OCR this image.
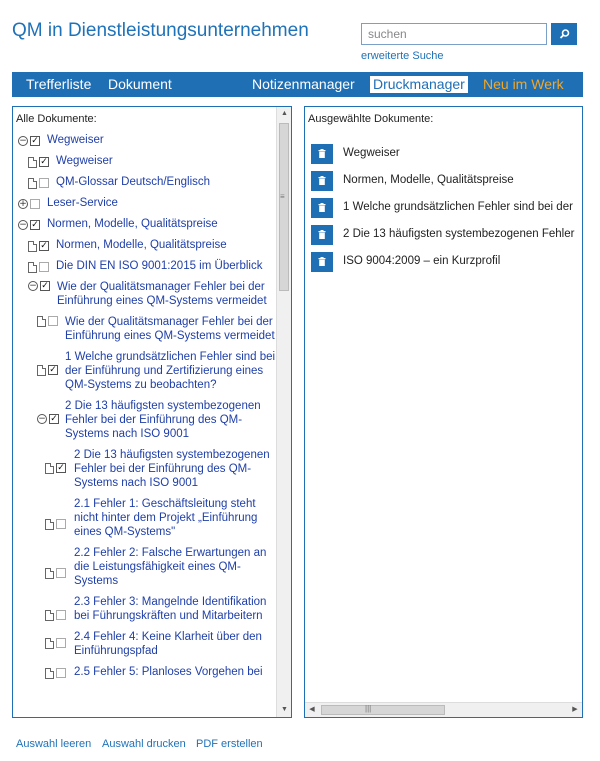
QM in Dienstleistungsunternehmen
suchen
erweiterte Suche
Trefferliste Dokument	Notizenmanager Druckmanager Neu im Werk
Alle Dokumente:
− ✓ Wegweiser
✓ Wegweiser
QM-Glossar Deutsch/Englisch
+ Leser-Service
− ✓ Normen, Modelle, Qualitätspreise
✓ Normen, Modelle, Qualitätspreise
Die DIN EN ISO 9001:2015 im Überblick
− ✓ Wie der Qualitätsmanager Fehler bei der Einführung eines QM-Systems vermeidet
Wie der Qualitätsmanager Fehler bei der Einführung eines QM-Systems vermeidet
✓
1 Welche grundsätzlichen Fehler sind bei der Einführung und Zertifizierung eines QM-Systems zu beobachten?
− ✓
2 Die 13 häufigsten systembezogenen Fehler bei der Einführung des QM-Systems nach ISO 9001
✓
2 Die 13 häufigsten systembezogenen Fehler bei der Einführung des QM-Systems nach ISO 9001
2.1 Fehler 1: Geschäftsleitung steht nicht hinter dem Projekt „Einführung eines QM-Systems"
2.2 Fehler 2: Falsche Erwartungen an die Leistungsfähigkeit eines QM-Systems
2.3 Fehler 3: Mangelnde Identifikation bei Führungskräften und Mitarbeitern
2.4 Fehler 4: Keine Klarheit über den Einführungspfad
2.5 Fehler 5: Planloses Vorgehen bei
▲
≡
▼
Ausgewählte Dokumente:
Wegweiser
Normen, Modelle, Qualitätspreise
1 Welche grundsätzlichen Fehler sind bei der
2 Die 13 häufigsten systembezogenen Fehler
ISO 9004:2009 – ein Kurzprofil
◀	|||	▶
Auswahl leeren Auswahl drucken PDF erstellen
